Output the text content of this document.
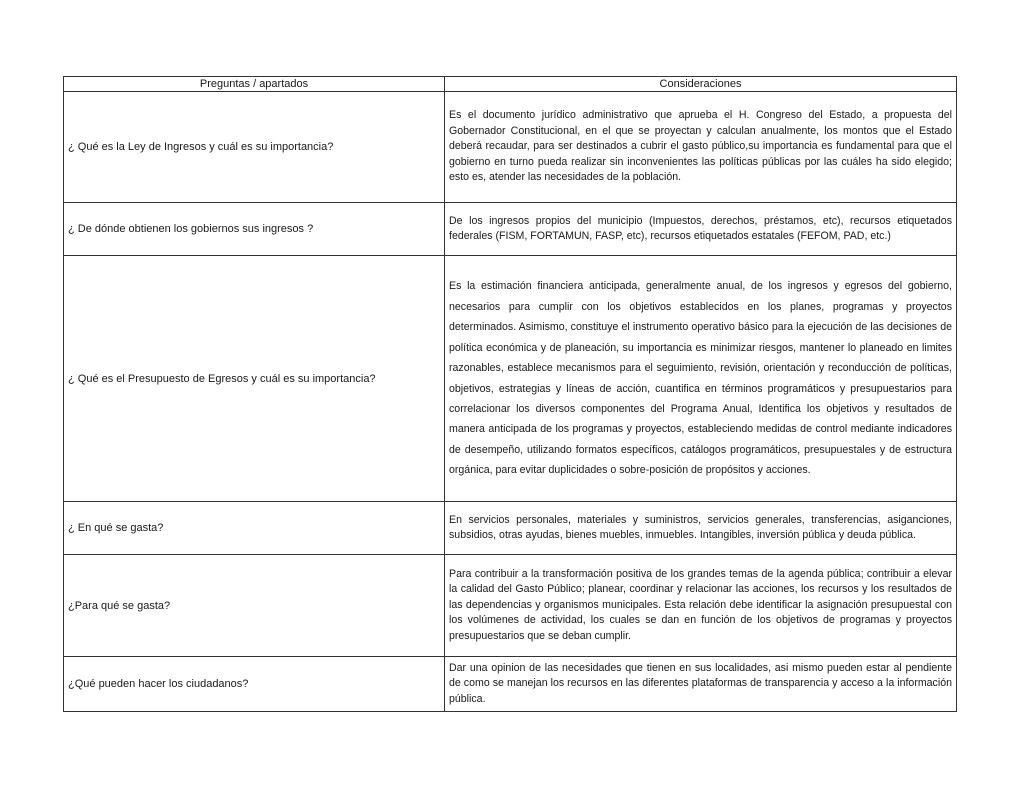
Preguntas / apartados	Consideraciones
¿ Qué es la Ley de Ingresos y cuál es su importancia?	Es el documento jurídico administrativo que aprueba el H. Congreso del Estado, a propuesta del Gobernador Constitucional, en el que se proyectan y calculan anualmente, los montos que el Estado deberá recaudar, para ser destinados a cubrir el gasto público,su importancia es fundamental para que el gobierno en turno pueda realizar sin inconvenientes las políticas públicas por las cuáles ha sido elegido; esto es, atender las necesidades de la población.
¿ De dónde obtienen los gobiernos sus ingresos ?	De los ingresos propios del municipio (Impuestos, derechos, préstamos, etc), recursos etiquetados federales (FISM, FORTAMUN, FASP, etc), recursos etiquetados estatales (FEFOM, PAD, etc.)
¿ Qué es el Presupuesto de Egresos y cuál es su importancia?	Es la estimación financiera anticipada, generalmente anual, de los ingresos y egresos del gobierno, necesarios para cumplir con los objetivos establecidos en los planes, programas y proyectos determinados. Asimismo, constituye el instrumento operativo básico para la ejecución de las decisiones de política económica y de planeación, su importancia es minimizar riesgos, mantener lo planeado en limites razonables, establece mecanismos para el seguimiento, revisión, orientación y reconducción de políticas, objetivos, estrategias y líneas de acción, cuantifica en términos programáticos y presupuestarios para correlacionar los diversos componentes del Programa Anual, Identifica los objetivos y resultados de manera anticipada de los programas y proyectos, estableciendo medidas de control mediante indicadores de desempeño, utilizando formatos específicos, catálogos programáticos, presupuestales y de estructura orgánica, para evitar duplicidades o sobre-posición de propósitos y acciones.
¿ En qué se gasta?	En servicios personales, materiales y suministros, servicios generales, transferencias, asiganciones, subsidios, otras ayudas, bienes muebles, inmuebles. Intangibles, inversión pública y deuda pública.
¿Para qué se gasta?	Para contribuir a la transformación positiva de los grandes temas de la agenda pública; contribuir a elevar la calidad del Gasto Público; planear, coordinar y relacionar las acciones, los recursos y los resultados de las dependencias y organismos municipales. Esta relación debe identificar la asignación presupuestal con los volúmenes de actividad, los cuales se dan en función de los objetivos de programas y proyectos presupuestarios que se deban cumplir.
¿Qué pueden hacer los ciudadanos?	Dar una opinion de las necesidades que tienen en sus localidades, asi mismo pueden estar al pendiente de como se manejan los recursos en las diferentes plataformas de transparencia y acceso a la información pública.
